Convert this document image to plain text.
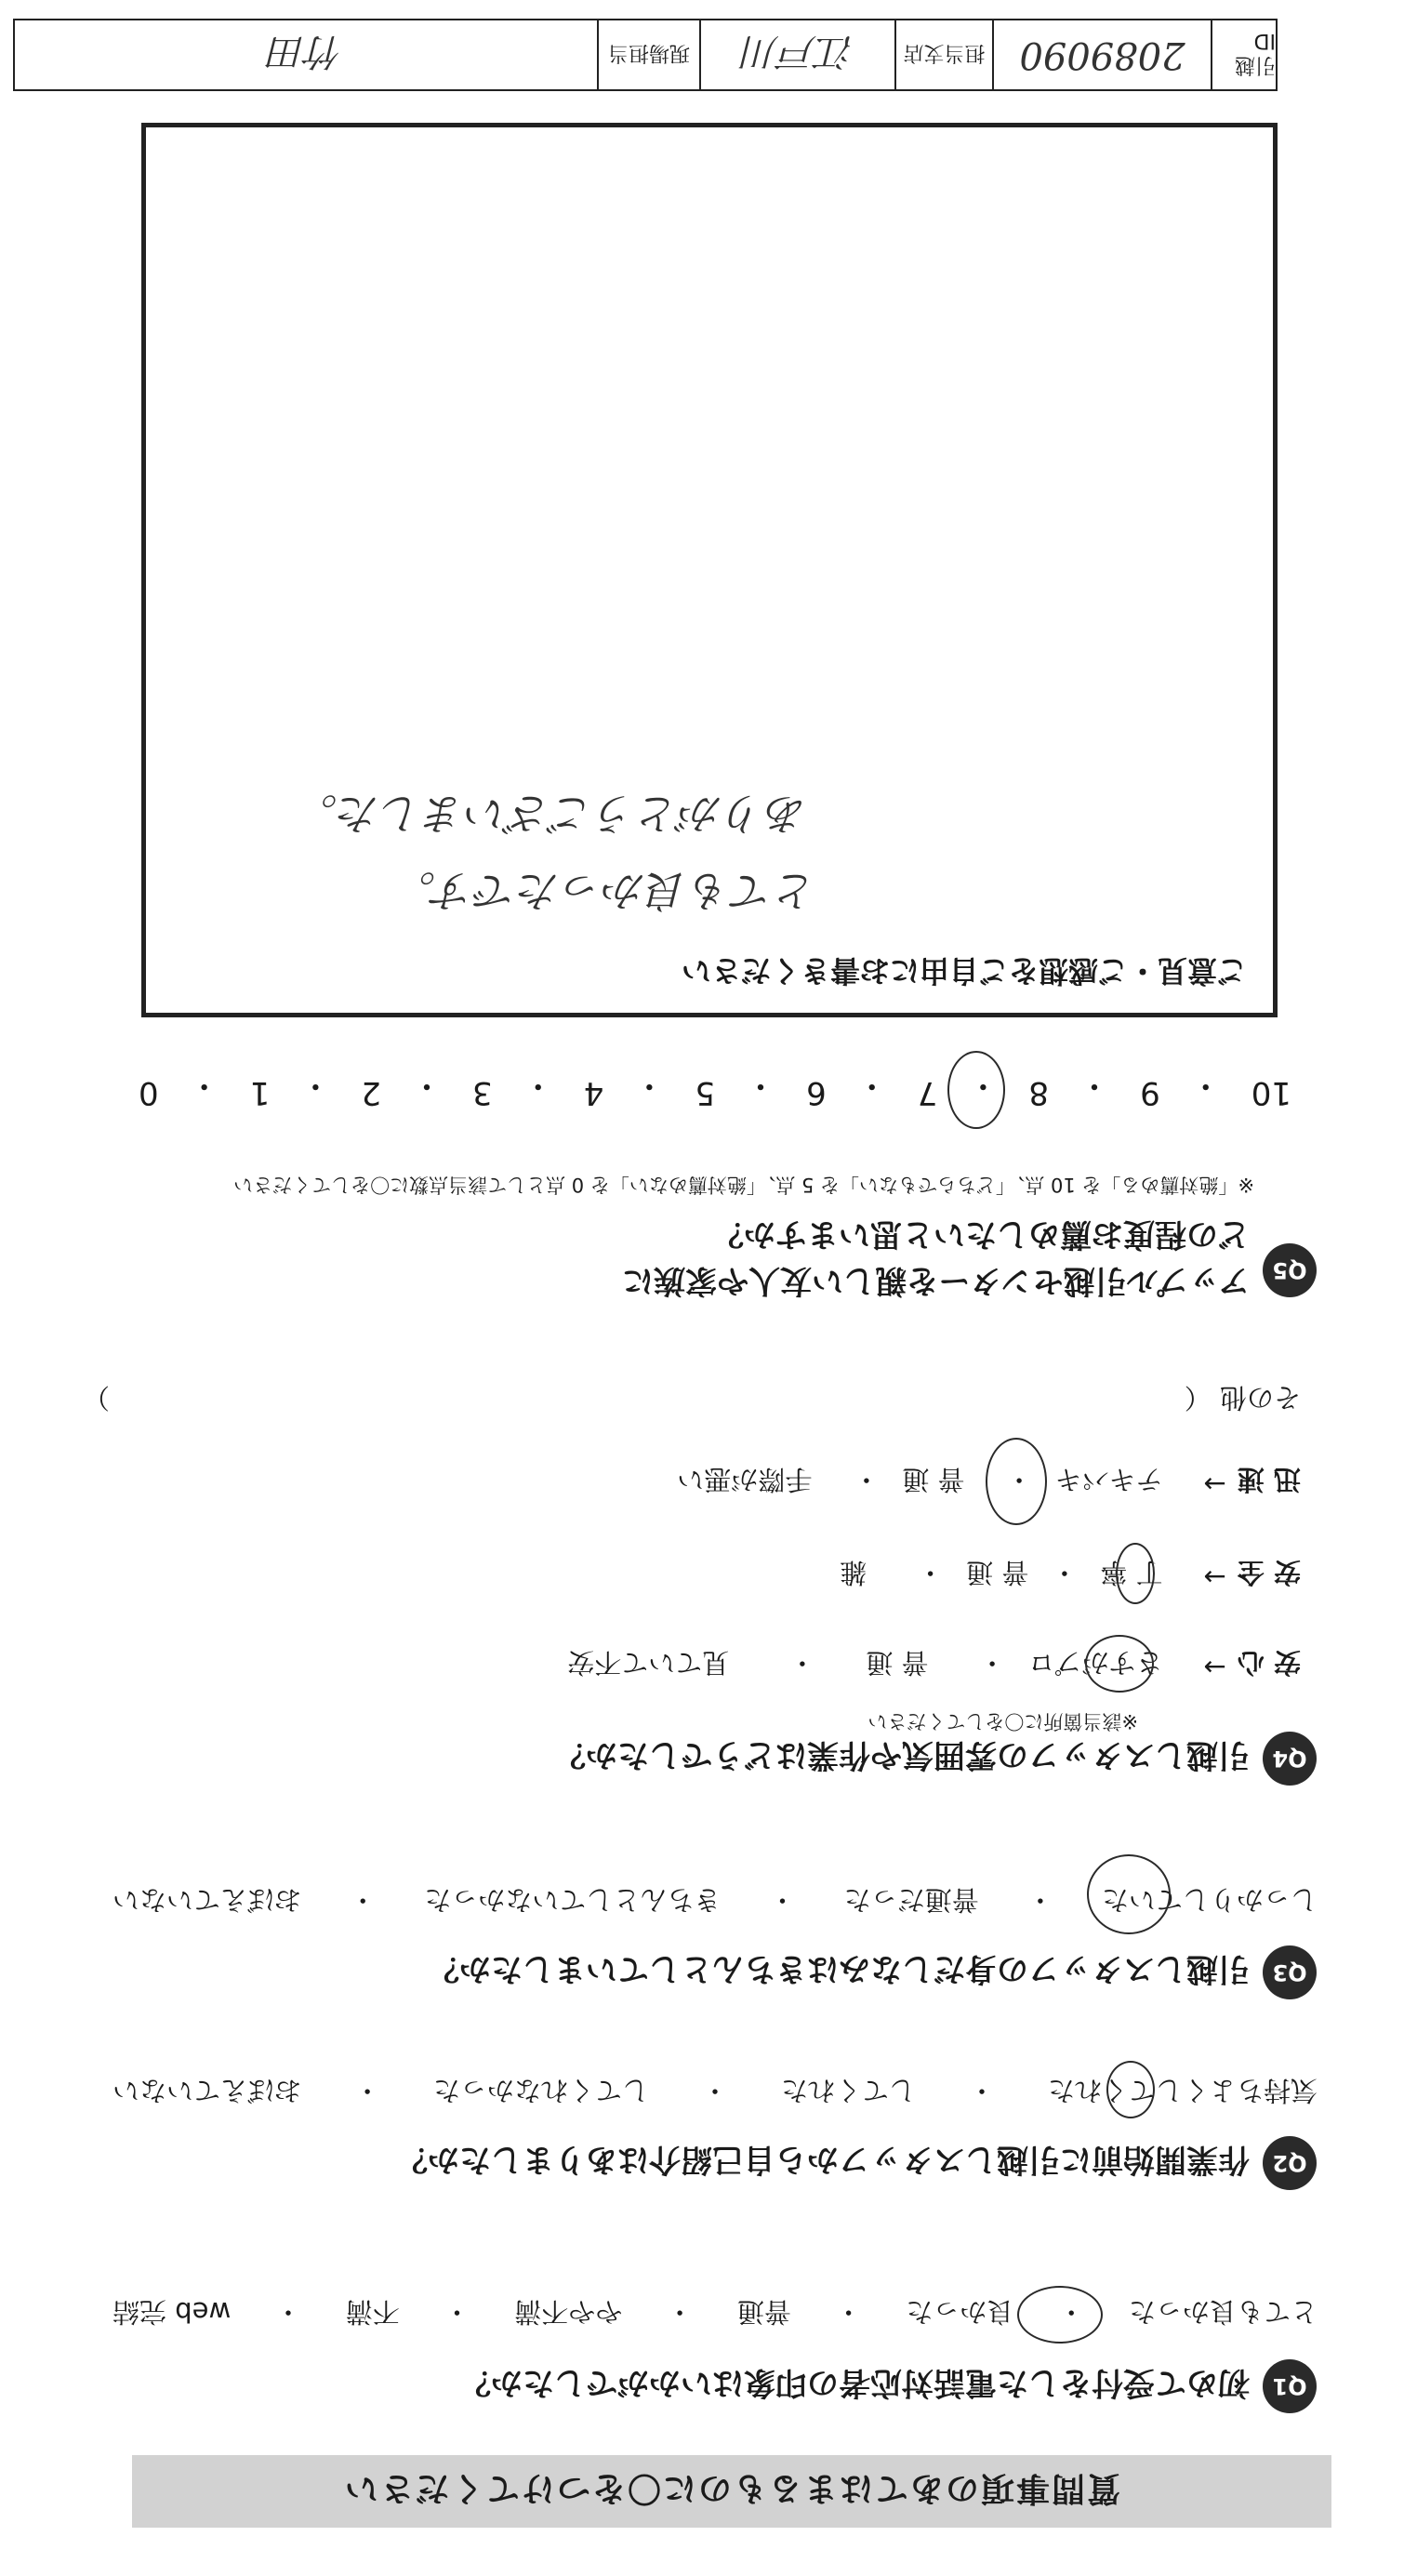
質問事項のあてはまるものに〇をつけてください
Q1
初めて受付をした電話対応者の印象はいかがでしたか？
とても良かった
・
良かった
・
普通
・
やや不満
・
不満
・
web 完結
Q2
作業開始前に引越しスタッフから自己紹介はありましたか？
気持ちよくしてくれた
・
してくれた
・
してくれなかった
・
おぼえていない
Q3
引越しスタッフの身だしなみはきちんとしていましたか？
しっかりしていた
・
普通だった
・
きちんとしていなかった
・
おぼえていない
Q4
引越しスタッフの雰囲気や作業はどうでしたか？
※該当箇所に〇をしてください
安 心
→
さすがプロ
・
普 通
・
見ていて不安
安 全
→
丁 寧
・
普 通
・
雑
迅 速
→
テキパキ
・
普 通
・
手際が悪い
その他 （
）
Q5
アップル引越センターを親しい友人や家族に
どの程度お薦めしたいと思いますか？
※「絶対薦める」を 10 点、「どちらでもない」を 5 点、「絶対薦めない」を 0 点として該当点数に〇をしてください
10
・
9
・
8
・
7
・
6
・
5
・
4
・
3
・
2
・
1
・
0
ご意見・ご感想をご自由にお書きください
とても良かったです。
ありがとうございました。
引越 ID
2089090
担当支店
江戸川
現場担当
竹田
